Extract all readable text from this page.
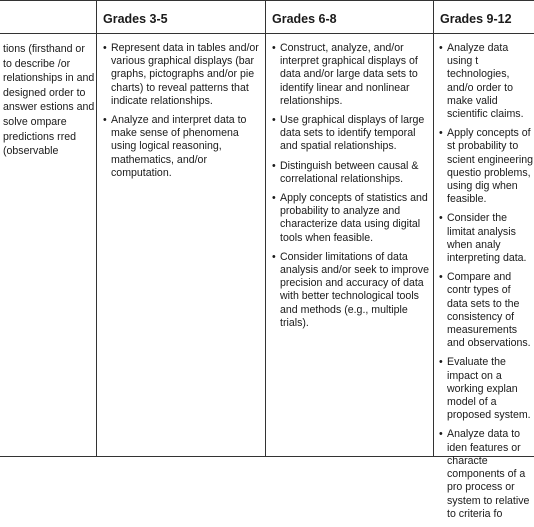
tions (firsthand or to describe /or relationships in and designed order to answer estions and solve ompare predictions rred (observable
Grades 3-5
• Represent data in tables and/or various graphical displays (bar graphs, pictographs and/or pie charts) to reveal patterns that indicate relationships.
• Analyze and interpret data to make sense of phenomena using logical reasoning, mathematics, and/or computation.
Grades 6-8
• Construct, analyze, and/or interpret graphical displays of data and/or large data sets to identify linear and nonlinear relationships.
• Use graphical displays of large data sets to identify temporal and spatial relationships.
• Distinguish between causal & correlational relationships.
• Apply concepts of statistics and probability to analyze and characterize data using digital tools when feasible.
• Consider limitations of data analysis and/or seek to improve precision and accuracy of data with better technological tools and methods (e.g., multiple trials).
Grades 9-12
• Analyze data using t technologies, and/o order to make valid scientific claims.
• Apply concepts of st probability to scient engineering questio problems, using dig when feasible.
• Consider the limitat analysis when analy interpreting data.
• Compare and contr types of data sets to the consistency of measurements and observations.
• Evaluate the impact on a working explan model of a proposed system.
• Analyze data to iden features or characte components of a pro process or system to relative to criteria fo
